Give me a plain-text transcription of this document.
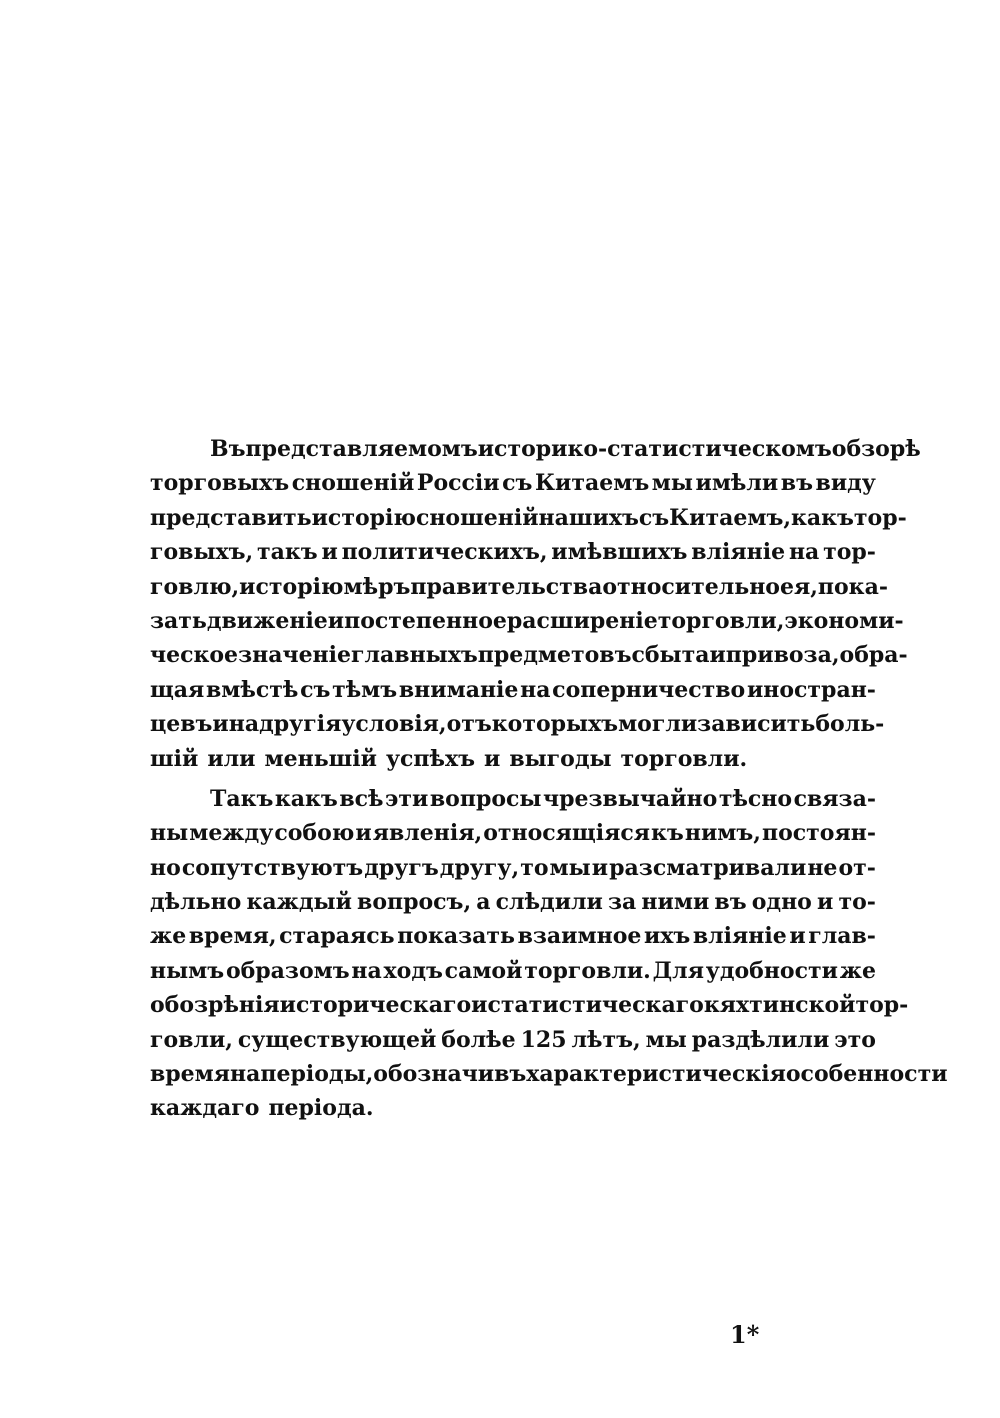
Въ представляемомъ историко-статистическомъ обзорѣ
торговыхъ сношеній Россіи съ Китаемъ мы имѣли въ виду
представить исторію сношеній нашихъ съ Китаемъ, какъ тор-
говыхъ, такъ и политическихъ, имѣвшихъ вліяніе на тор-
говлю, исторію мѣръ правительства относительно ея, пока-
зать движеніе и постепенное расширеніе торговли, экономи-
ческое значеніе главныхъ предметовъ сбыта и привоза, обра-
щая вмѣстѣ съ тѣмъ вниманіе на соперничество иностран-
цевъ и на другія условія, отъ которыхъ могли зависить боль-
шій или меньшій успѣхъ и выгоды торговли.
Такъ какъ всѣ эти вопросы чрезвычайно тѣсно связа-
ны между собою и явленія, относящіяся къ нимъ, постоян-
но сопутствуютъ другъ другу, то мы и разсматривали не от-
дѣльно каждый вопросъ, а слѣдили за ними въ одно и то-
же время, стараясь показать взаимное ихъ вліяніе и глав-
нымъ образомъ на ходъ самой торговли. Для удобности же
обозрѣнія историческаго и статистическаго кяхтинской тор-
говли, существующей болѣе 125 лѣтъ, мы раздѣлили это
время на періоды, обозначивъ характеристическія особенности
каждаго періода.
1*
